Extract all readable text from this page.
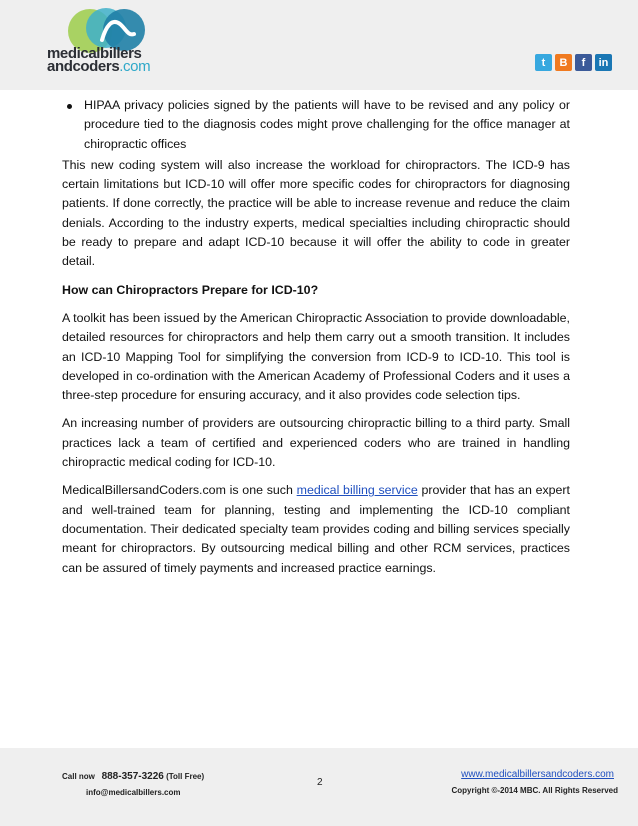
medicalbillers
andcoders.com	t	B	f	in
HIPAA privacy policies signed by the patients will have to be revised and any policy or procedure tied to the diagnosis codes might prove challenging for the office manager at chiropractic offices

This new coding system will also increase the workload for chiropractors. The ICD-9 has certain limitations but ICD-10 will offer more specific codes for chiropractors for diagnosing patients. If done correctly, the practice will be able to increase revenue and reduce the claim denials. According to the industry experts, medical specialties including chiropractic should be ready to prepare and adapt ICD-10 because it will offer the ability to code in greater detail.

How can Chiropractors Prepare for ICD-10?

A toolkit has been issued by the American Chiropractic Association to provide downloadable, detailed resources for chiropractors and help them carry out a smooth transition. It includes an ICD-10 Mapping Tool for simplifying the conversion from ICD-9 to ICD-10. This tool is developed in co-ordination with the American Academy of Professional Coders and it uses a three-step procedure for ensuring accuracy, and it also provides code selection tips.

An increasing number of providers are outsourcing chiropractic billing to a third party. Small practices lack a team of certified and experienced coders who are trained in handling chiropractic medical coding for ICD-10.

MedicalBillersandCoders.com is one such medical billing service provider that has an expert and well-trained team for planning, testing and implementing the ICD-10 compliant documentation. Their dedicated specialty team provides coding and billing services specially meant for chiropractors. By outsourcing medical billing and other RCM services, practices can be assured of timely payments and increased practice earnings.

Call now 888-357-3226 (Toll Free)
info@medicalbillers.com
2
www.medicalbillersandcoders.com
Copyright ©-2014 MBC. All Rights Reserved
